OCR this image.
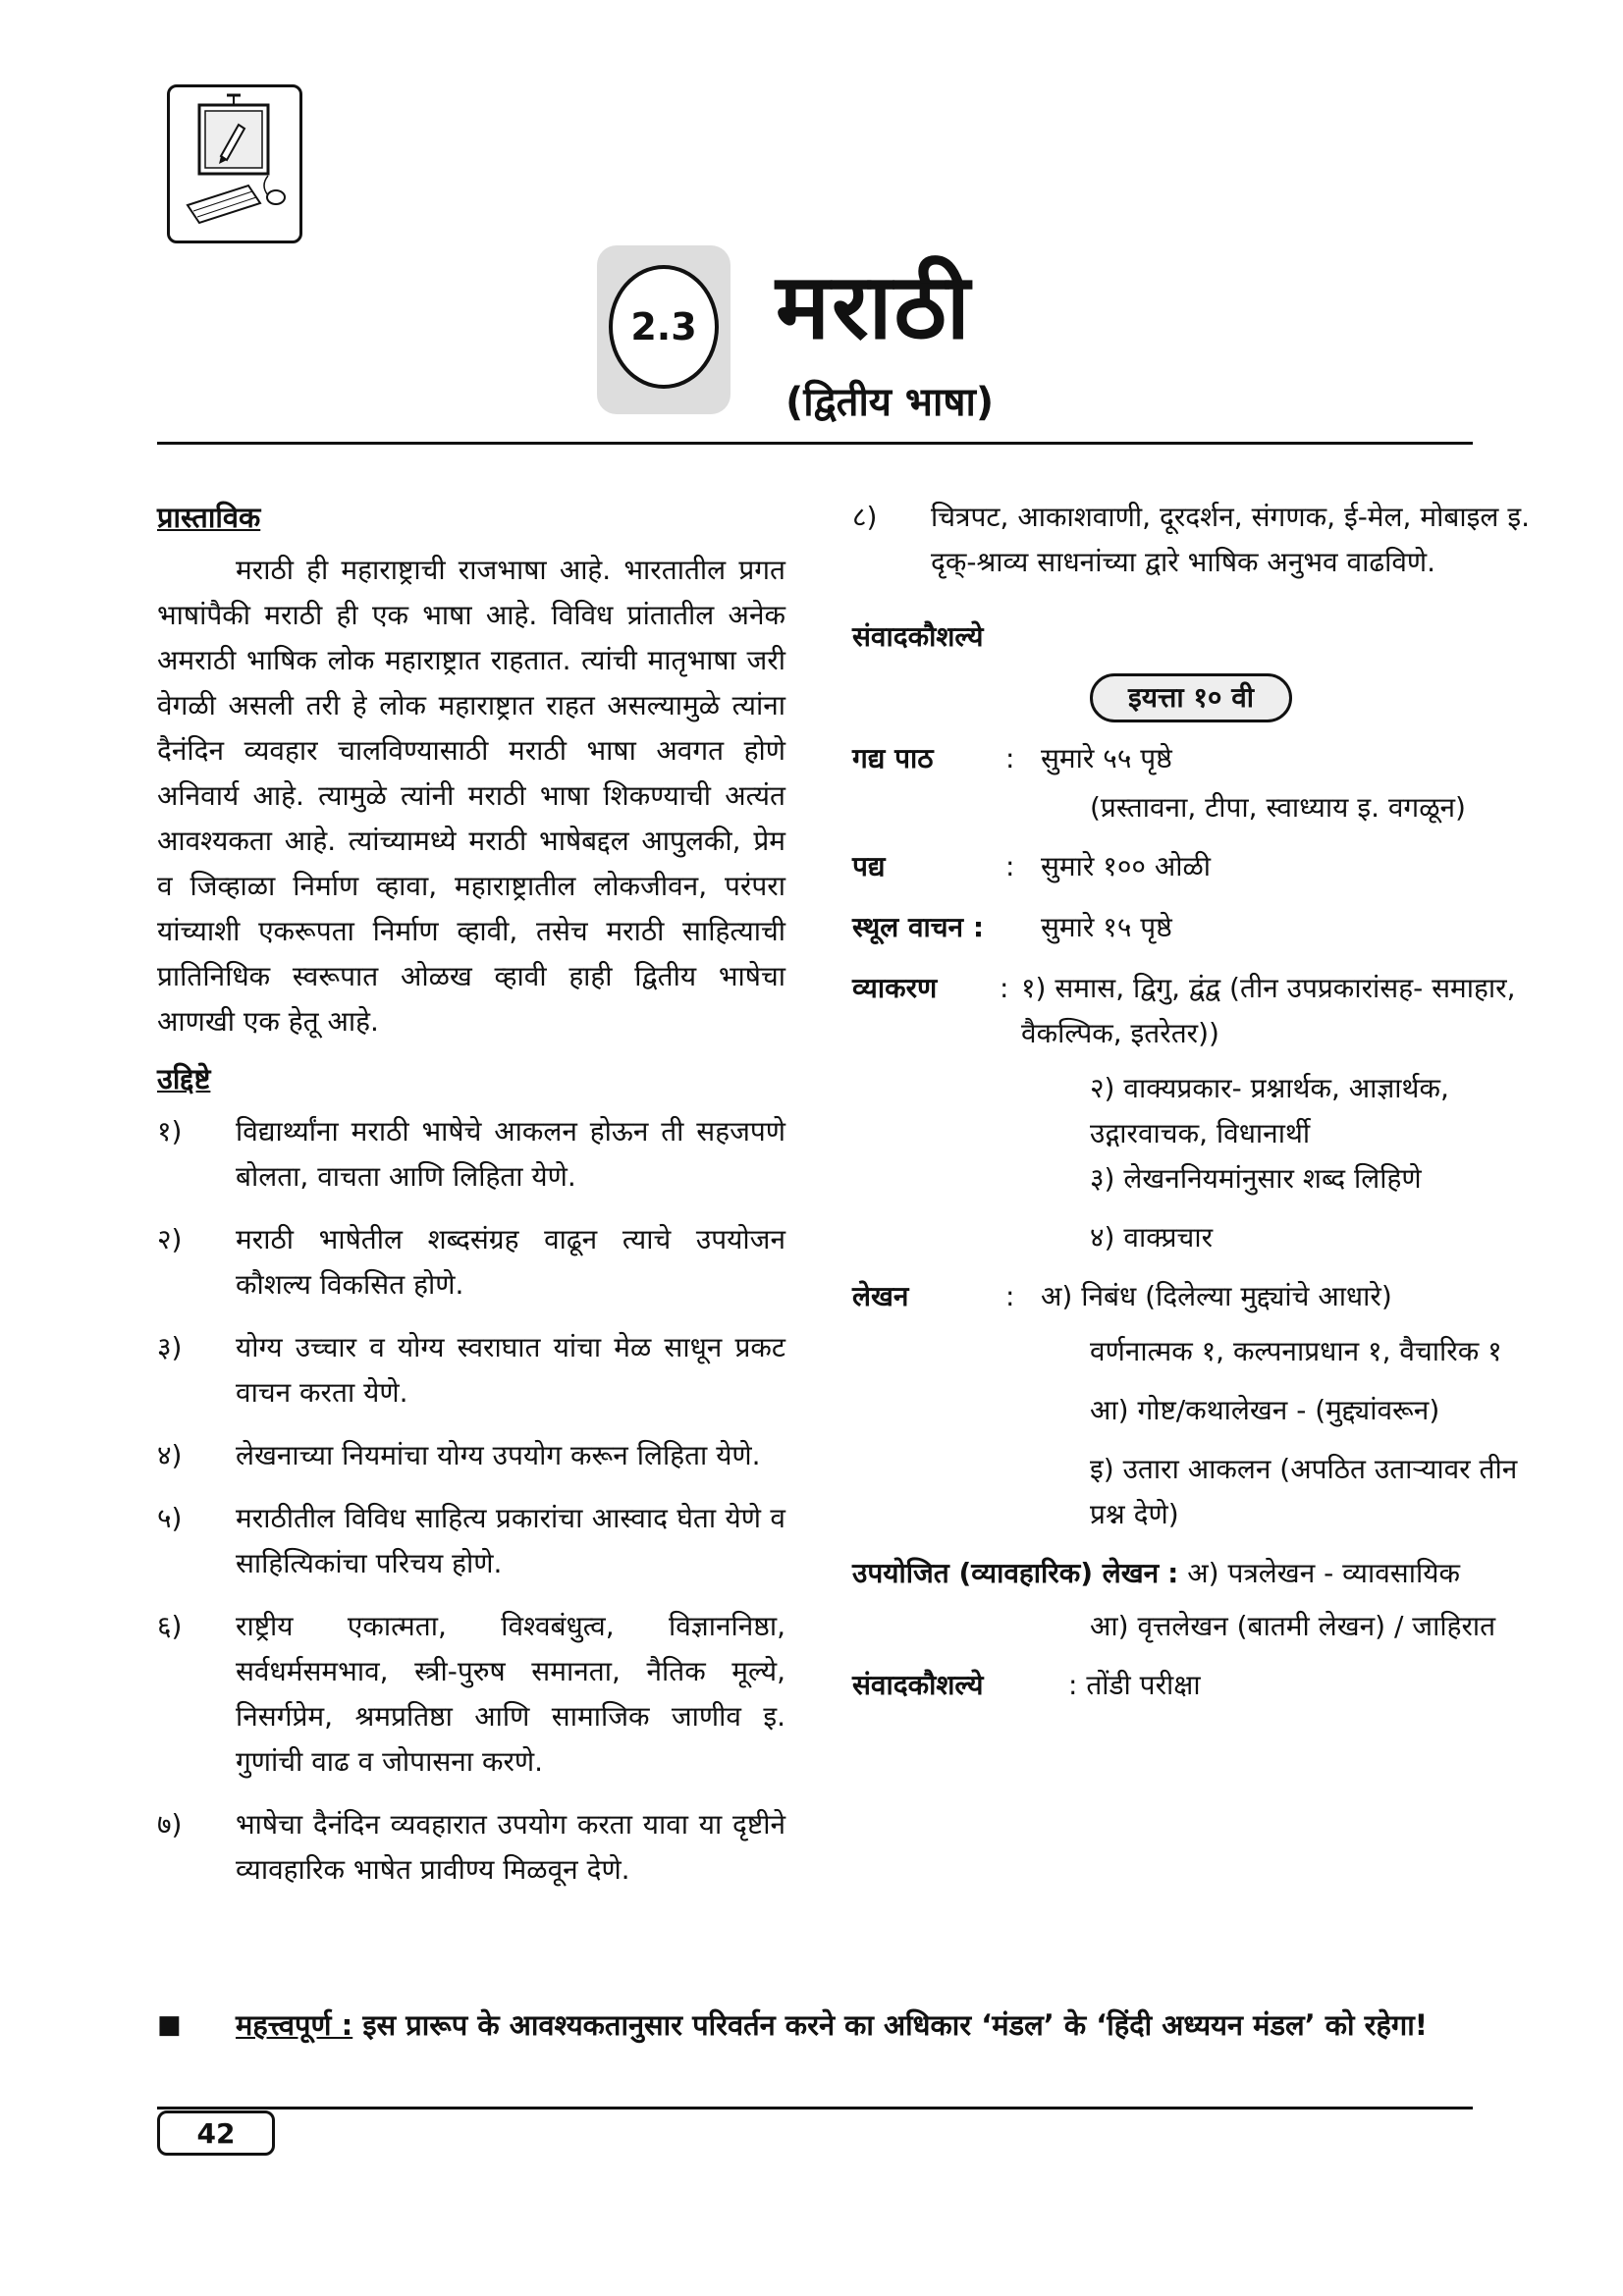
2.3 मराठी
(द्वितीय भाषा)
प्रास्ताविक

मराठी ही महाराष्ट्राची राजभाषा आहे. भारतातील प्रगत भाषांपैकी मराठी ही एक भाषा आहे. विविध प्रांतातील अनेक अमराठी भाषिक लोक महाराष्ट्रात राहतात. त्यांची मातृभाषा जरी वेगळी असली तरी हे लोक महाराष्ट्रात राहत असल्यामुळे त्यांना दैनंदिन व्यवहार चालविण्यासाठी मराठी भाषा अवगत होणे अनिवार्य आहे. त्यामुळे त्यांनी मराठी भाषा शिकण्याची अत्यंत आवश्यकता आहे. त्यांच्यामध्ये मराठी भाषेबद्दल आपुलकी, प्रेम व जिव्हाळा निर्माण व्हावा, महाराष्ट्रातील लोकजीवन, परंपरा यांच्याशी एकरूपता निर्माण व्हावी, तसेच मराठी साहित्याची प्रातिनिधिक स्वरूपात ओळख व्हावी हाही द्वितीय भाषेचा आणखी एक हेतू आहे.

उद्दिष्टे
१)	विद्यार्थ्यांना मराठी भाषेचे आकलन होऊन ती सहजपणे बोलता, वाचता आणि लिहिता येणे.
२)	मराठी भाषेतील शब्दसंग्रह वाढून त्याचे उपयोजन कौशल्य विकसित होणे.
३)	योग्य उच्चार व योग्य स्वराघात यांचा मेळ साधून प्रकट वाचन करता येणे.
४)	लेखनाच्या नियमांचा योग्य उपयोग करून लिहिता येणे.
५)	मराठीतील विविध साहित्य प्रकारांचा आस्वाद घेता येणे व साहित्यिकांचा परिचय होणे.
६)	राष्ट्रीय एकात्मता, विश्वबंधुत्व, विज्ञाननिष्ठा, सर्वधर्मसमभाव, स्त्री-पुरुष समानता, नैतिक मूल्ये, निसर्गप्रेम, श्रमप्रतिष्ठा आणि सामाजिक जाणीव इ. गुणांची वाढ व जोपासना करणे.
७)	भाषेचा दैनंदिन व्यवहारात उपयोग करता यावा या दृष्टीने व्यावहारिक भाषेत प्रावीण्य मिळवून देणे.
८)	चित्रपट, आकाशवाणी, दूरदर्शन, संगणक, ई-मेल, मोबाइल इ. दृक्-श्राव्य साधनांच्या द्वारे भाषिक अनुभव वाढविणे.
संवादकौशल्ये
इयत्ता १० वी
गद्य पाठ	: सुमारे ५५ पृष्ठे
(प्रस्तावना, टीपा, स्वाध्याय इ. वगळून)
पद्य	: सुमारे १०० ओळी
स्थूल वाचन :	सुमारे १५ पृष्ठे
व्याकरण	: १) समास, द्विगु, द्वंद्व (तीन उपप्रकारांसह- समाहार, वैकल्पिक, इतरेतर))
२) वाक्यप्रकार- प्रश्नार्थक, आज्ञार्थक, उद्गारवाचक, विधानार्थी
३) लेखननियमांनुसार शब्द लिहिणे
४) वाक्प्रचार
लेखन	: अ) निबंध (दिलेल्या मुद्द्यांचे आधारे)
वर्णनात्मक १, कल्पनाप्रधान १, वैचारिक १
आ) गोष्ट/कथालेखन - (मुद्द्यांवरून)
इ) उतारा आकलन (अपठित उताऱ्यावर तीन प्रश्न देणे)
उपयोजित (व्यावहारिक) लेखन : अ) पत्रलेखन - व्यावसायिक
आ) वृत्तलेखन (बातमी लेखन) / जाहिरात
संवादकौशल्ये	: तोंडी परीक्षा
■	महत्त्वपूर्ण : इस प्रारूप के आवश्यकतानुसार परिवर्तन करने का अधिकार ‘मंडल’ के ‘हिंदी अध्ययन मंडल’ को रहेगा!
42
